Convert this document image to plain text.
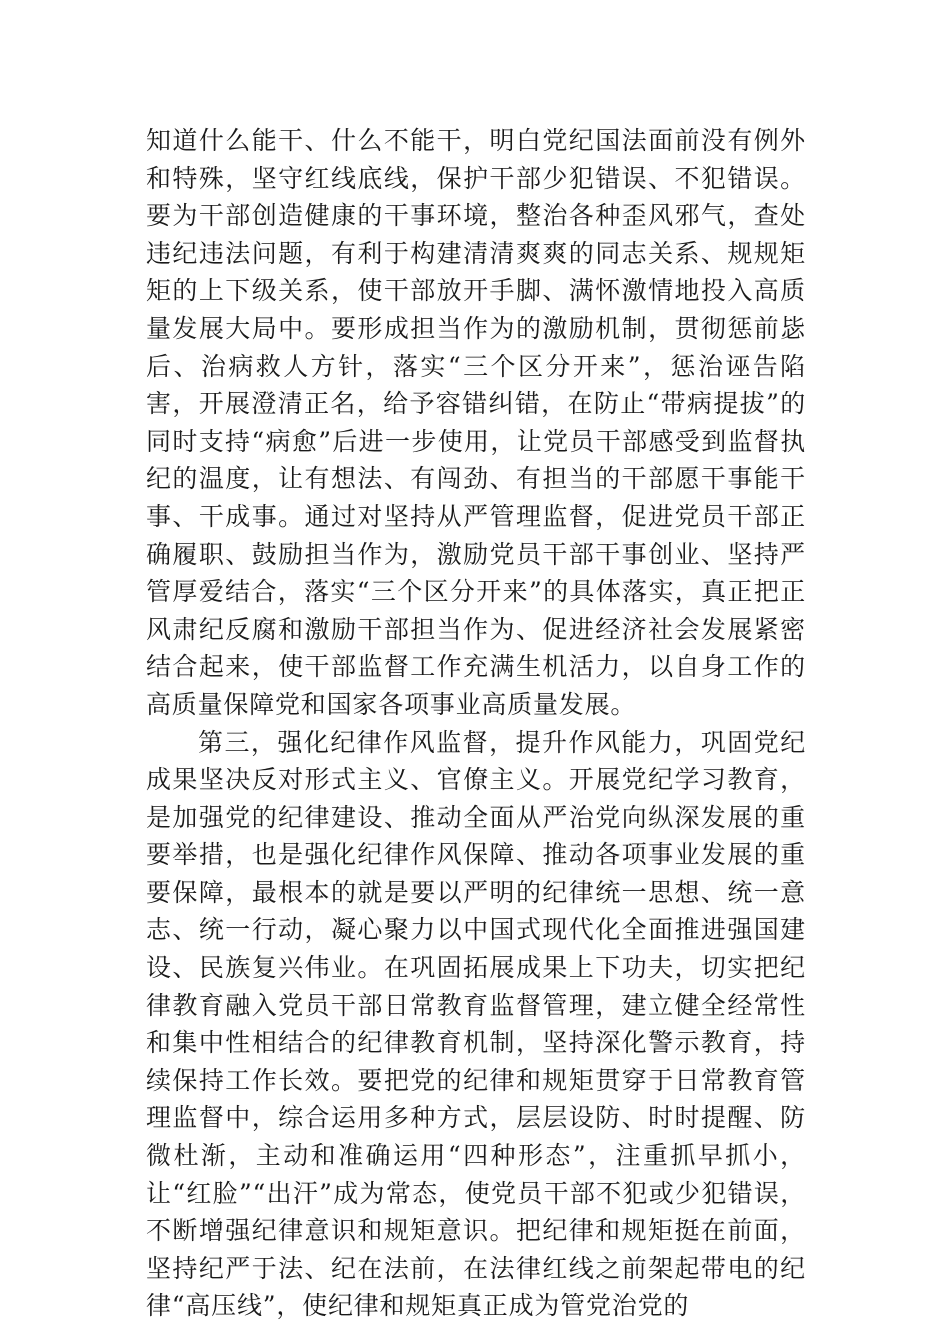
知道什么能干、什么不能干，明白党纪国法面前没有例外和特殊，坚守红线底线，保护干部少犯错误、不犯错误。要为干部创造健康的干事环境，整治各种歪风邪气，查处违纪违法问题，有利于构建清清爽爽的同志关系、规规矩矩的上下级关系，使干部放开手脚、满怀激情地投入高质量发展大局中。要形成担当作为的激励机制，贯彻惩前毖后、治病救人方针，落实“三个区分开来”，惩治诬告陷害，开展澄清正名，给予容错纠错，在防止“带病提拔”的同时支持“病愈”后进一步使用，让党员干部感受到监督执纪的温度，让有想法、有闯劲、有担当的干部愿干事能干事、干成事。通过对坚持从严管理监督，促进党员干部正确履职、鼓励担当作为，激励党员干部干事创业、坚持严管厚爱结合，落实“三个区分开来”的具体落实，真正把正风肃纪反腐和激励干部担当作为、促进经济社会发展紧密结合起来，使干部监督工作充满生机活力，以自身工作的高质量保障党和国家各项事业高质量发展。

第三，强化纪律作风监督，提升作风能力，巩固党纪成果坚决反对形式主义、官僚主义。开展党纪学习教育，是加强党的纪律建设、推动全面从严治党向纵深发展的重要举措，也是强化纪律作风保障、推动各项事业发展的重要保障，最根本的就是要以严明的纪律统一思想、统一意志、统一行动，凝心聚力以中国式现代化全面推进强国建设、民族复兴伟业。在巩固拓展成果上下功夫，切实把纪律教育融入党员干部日常教育监督管理，建立健全经常性和集中性相结合的纪律教育机制，坚持深化警示教育，持续保持工作长效。要把党的纪律和规矩贯穿于日常教育管理监督中，综合运用多种方式，层层设防、时时提醒、防微杜渐，主动和准确运用“四种形态”，注重抓早抓小，让“红脸”“出汗”成为常态，使党员干部不犯或少犯错误，不断增强纪律意识和规矩意识。把纪律和规矩挺在前面，坚持纪严于法、纪在法前，在法律红线之前架起带电的纪律“高压线”，使纪律和规矩真正成为管党治党的
